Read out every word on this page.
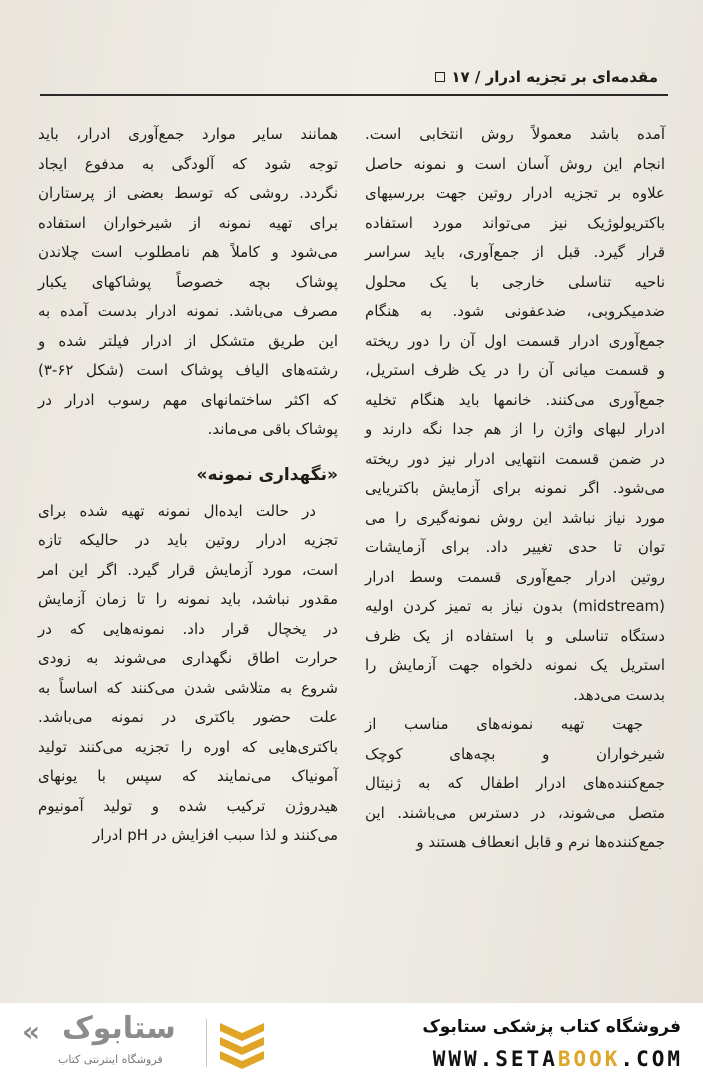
مقدمه‌ای بر تجزیه ادرار / ۱۷
آمده باشد معمولاً روش انتخابی است.
انجام این روش آسان است و نمونه حاصل
علاوه بر تجزیه ادرار روتین جهت بررسیهای
باکتریولوژیک نیز می‌تواند مورد استفاده
قرار گیرد. قبل از جمع‌آوری، باید سراسر
ناحیه تناسلی خارجی با یک محلول
ضدمیکروبی، ضدعفونی شود. به هنگام
جمع‌آوری ادرار قسمت اول آن را دور ریخته
و قسمت میانی آن را در یک ظرف استریل،
جمع‌آوری می‌کنند. خانمها باید هنگام تخلیه
ادرار لبهای واژن را از هم جدا نگه دارند و
در ضمن قسمت انتهایی ادرار نیز دور ریخته
می‌شود. اگر نمونه برای آزمایش باکتریایی
مورد نیاز نباشد این روش نمونه‌گیری را می
توان تا حدی تغییر داد. برای آزمایشات
روتین ادرار جمع‌آوری قسمت وسط ادرار
(midstream) بدون نیاز به تمیز کردن اولیه
دستگاه تناسلی و با استفاده از یک ظرف
استریل یک نمونه دلخواه جهت آزمایش را
بدست می‌دهد.
جهت تهیه نمونه‌های مناسب از
شیرخواران و بچه‌های کوچک
جمع‌کننده‌های ادرار اطفال که به ژنیتال
متصل می‌شوند، در دسترس می‌باشند. این
جمع‌کننده‌ها نرم و قابل انعطاف هستند و
همانند سایر موارد جمع‌آوری ادرار، باید
توجه شود که آلودگی به مدفوع ایجاد
نگردد. روشی که توسط بعضی از پرستاران
برای تهیه نمونه از شیرخواران استفاده
می‌شود و کاملاً هم نامطلوب است چلاندن
پوشاک بچه خصوصاً پوشاکهای یکبار
مصرف می‌باشد. نمونه ادرار بدست آمده به
این طریق متشکل از ادرار فیلتر شده و
رشته‌های الیاف پوشاک است (شکل ۶۲-۳)
که اکثر ساختمانهای مهم رسوب ادرار در
پوشاک باقی می‌ماند.
«نگهداری نمونه»
در حالت ایده‌ال نمونه تهیه شده برای
تجزیه ادرار روتین باید در حالیکه تازه
است، مورد آزمایش قرار گیرد. اگر این امر
مقدور نباشد، باید نمونه را تا زمان آزمایش
در یخچال قرار داد. نمونه‌هایی که در
حرارت اطاق نگهداری می‌شوند به زودی
شروع به متلاشی شدن می‌کنند که اساساً به
علت حضور باکتری در نمونه می‌باشد.
باکتری‌هایی که اوره را تجزیه می‌کنند تولید
آمونیاک می‌نمایند که سپس با یونهای
هیدروژن ترکیب شده و تولید آمونیوم
می‌کنند و لذا سبب افزایش در pH ادرار
« ستابوک
فروشگاه اینترنتی کتاب
فروشگاه کتاب پزشکی ستابوک
WWW.SETABOOK.COM
